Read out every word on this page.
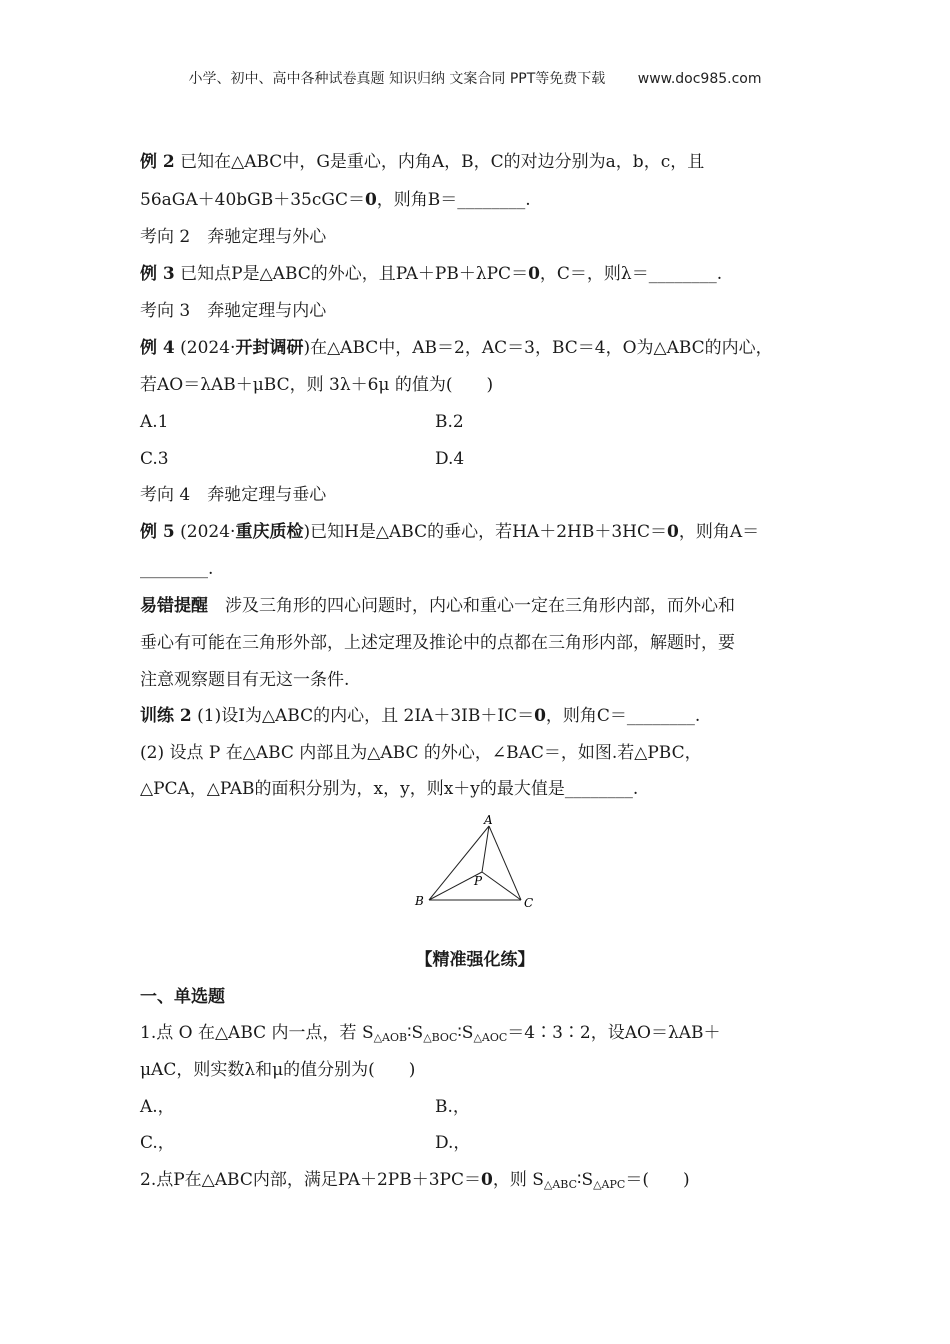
小学、初中、高中各种试卷真题 知识归纳 文案合同 PPT等免费下载 www.doc985.com
例 2 已知在△ABC中，G是重心，内角A，B，C的对边分别为a，b，c，且
56aGA＋40bGB＋35cGC＝0，则角B＝________.
考向 2　奔驰定理与外心
例 3 已知点P是△ABC的外心，且PA＋PB＋λPC＝0，C＝，则λ＝________.
考向 3　奔驰定理与内心
例 4 (2024·开封调研)在△ABC中，AB＝2，AC＝3，BC＝4，O为△ABC的内心，
若AO＝λAB＋μBC，则 3λ＋6μ 的值为(　　)
A.1	B.2
C.3	D.4
考向 4　奔驰定理与垂心
例 5 (2024·重庆质检)已知H是△ABC的垂心，若HA＋2HB＋3HC＝0，则角A＝
________.
易错提醒　涉及三角形的四心问题时，内心和重心一定在三角形内部，而外心和
垂心有可能在三角形外部，上述定理及推论中的点都在三角形内部，解题时，要
注意观察题目有无这一条件.
训练 2 (1)设I为△ABC的内心，且 2IA＋3IB＋IC＝0，则角C＝________.
(2) 设点 P 在△ABC 内部且为△ABC 的外心，∠BAC＝，如图.若△PBC，
△PCA，△PAB的面积分别为，x，y，则x＋y的最大值是________.
A
B	C
P
【精准强化练】
一、单选题
1.点 O 在△ABC 内一点，若 $S_{\triangle AOB}∶S_{\triangle BOC}∶S_{\triangle AOC}=4∶3∶2$，设AO＝λAB＋
μAC，则实数λ和μ的值分别为(　　)
A.，	B.，
C.，	D.，
2.点P在△ABC内部，满足PA＋2PB＋3PC＝0，则 $S_{\triangle ABC}∶S_{\triangle APC}=$(　　)
